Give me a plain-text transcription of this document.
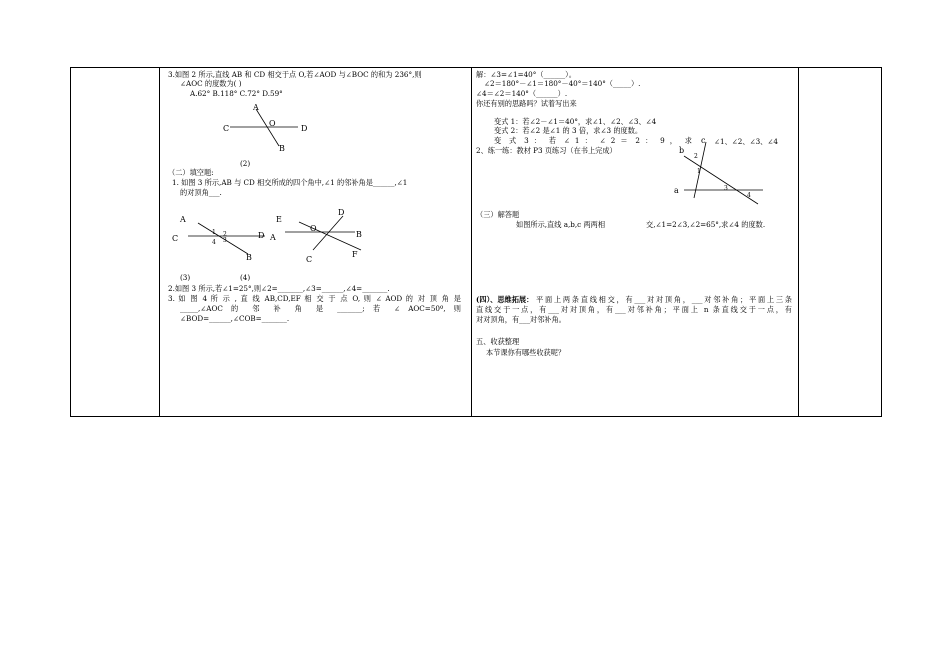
3.如图 2 所示,直线 AB 和 CD 相交于点 O,若∠AOD 与∠BOC 的和为 236°,则
∠AOC 的度数为( )
A.62° B.118° C.72° D.59°
A
C
O
D
B
(2)
（二）填空题:
1. 如图 3 所示,AB 与 CD 相交所成的四个角中,∠1 的邻补角是______,∠1
的对顶角___.
A
C	D
B
1 2
3
4
E
D
A
O
B
C
F
(3)	(4)
2.如图 3 所示,若∠1=25°,则∠2=_______,∠3=______,∠4=_______.
3. 如 图 4 所 示 , 直 线 AB,CD,EF 相 交 于 点 O, 则 ∠ AOD 的 对 顶 角 是
_____,∠AOC 的 邻 补 角 是 _______; 若 ∠ AOC=50º, 则
∠BOD=______,∠COB=_______.

解：∠3=∠1=40°（______）。
∠2＝180°－∠1＝180°－40°＝140°（_____）.
∠4＝∠2＝140°（______）.
你还有别的思路吗？试着写出来
变式 1：若∠2－∠1＝40°，求∠1、∠2、∠3、∠4
变式 2：若∠2 是∠1 的 3 倍，求∠3 的度数。
变 式 3 ： 若 ∠ 1 ： ∠ 2 ＝ 2 ： 9 ， 求
2、练一练：教材 P3 页练习（在书上完成）
c ∠1、∠2、∠3、∠4
b
a
2
1
3
4
（三）解答题
如图所示,直线 a,b,c 两两相	交,∠1=2∠3,∠2=65°,求∠4 的度数.
(四）、思维拓展： 平面上两条直线相交，有___对对顶角，___对邻补角；平面上三条
直线交于一点，有___对对顶角，有___对邻补角；平面上 n 条直线交于一点，有
对对顶角，有___对邻补角。
五、收获整理
本节课你有哪些收获呢？
